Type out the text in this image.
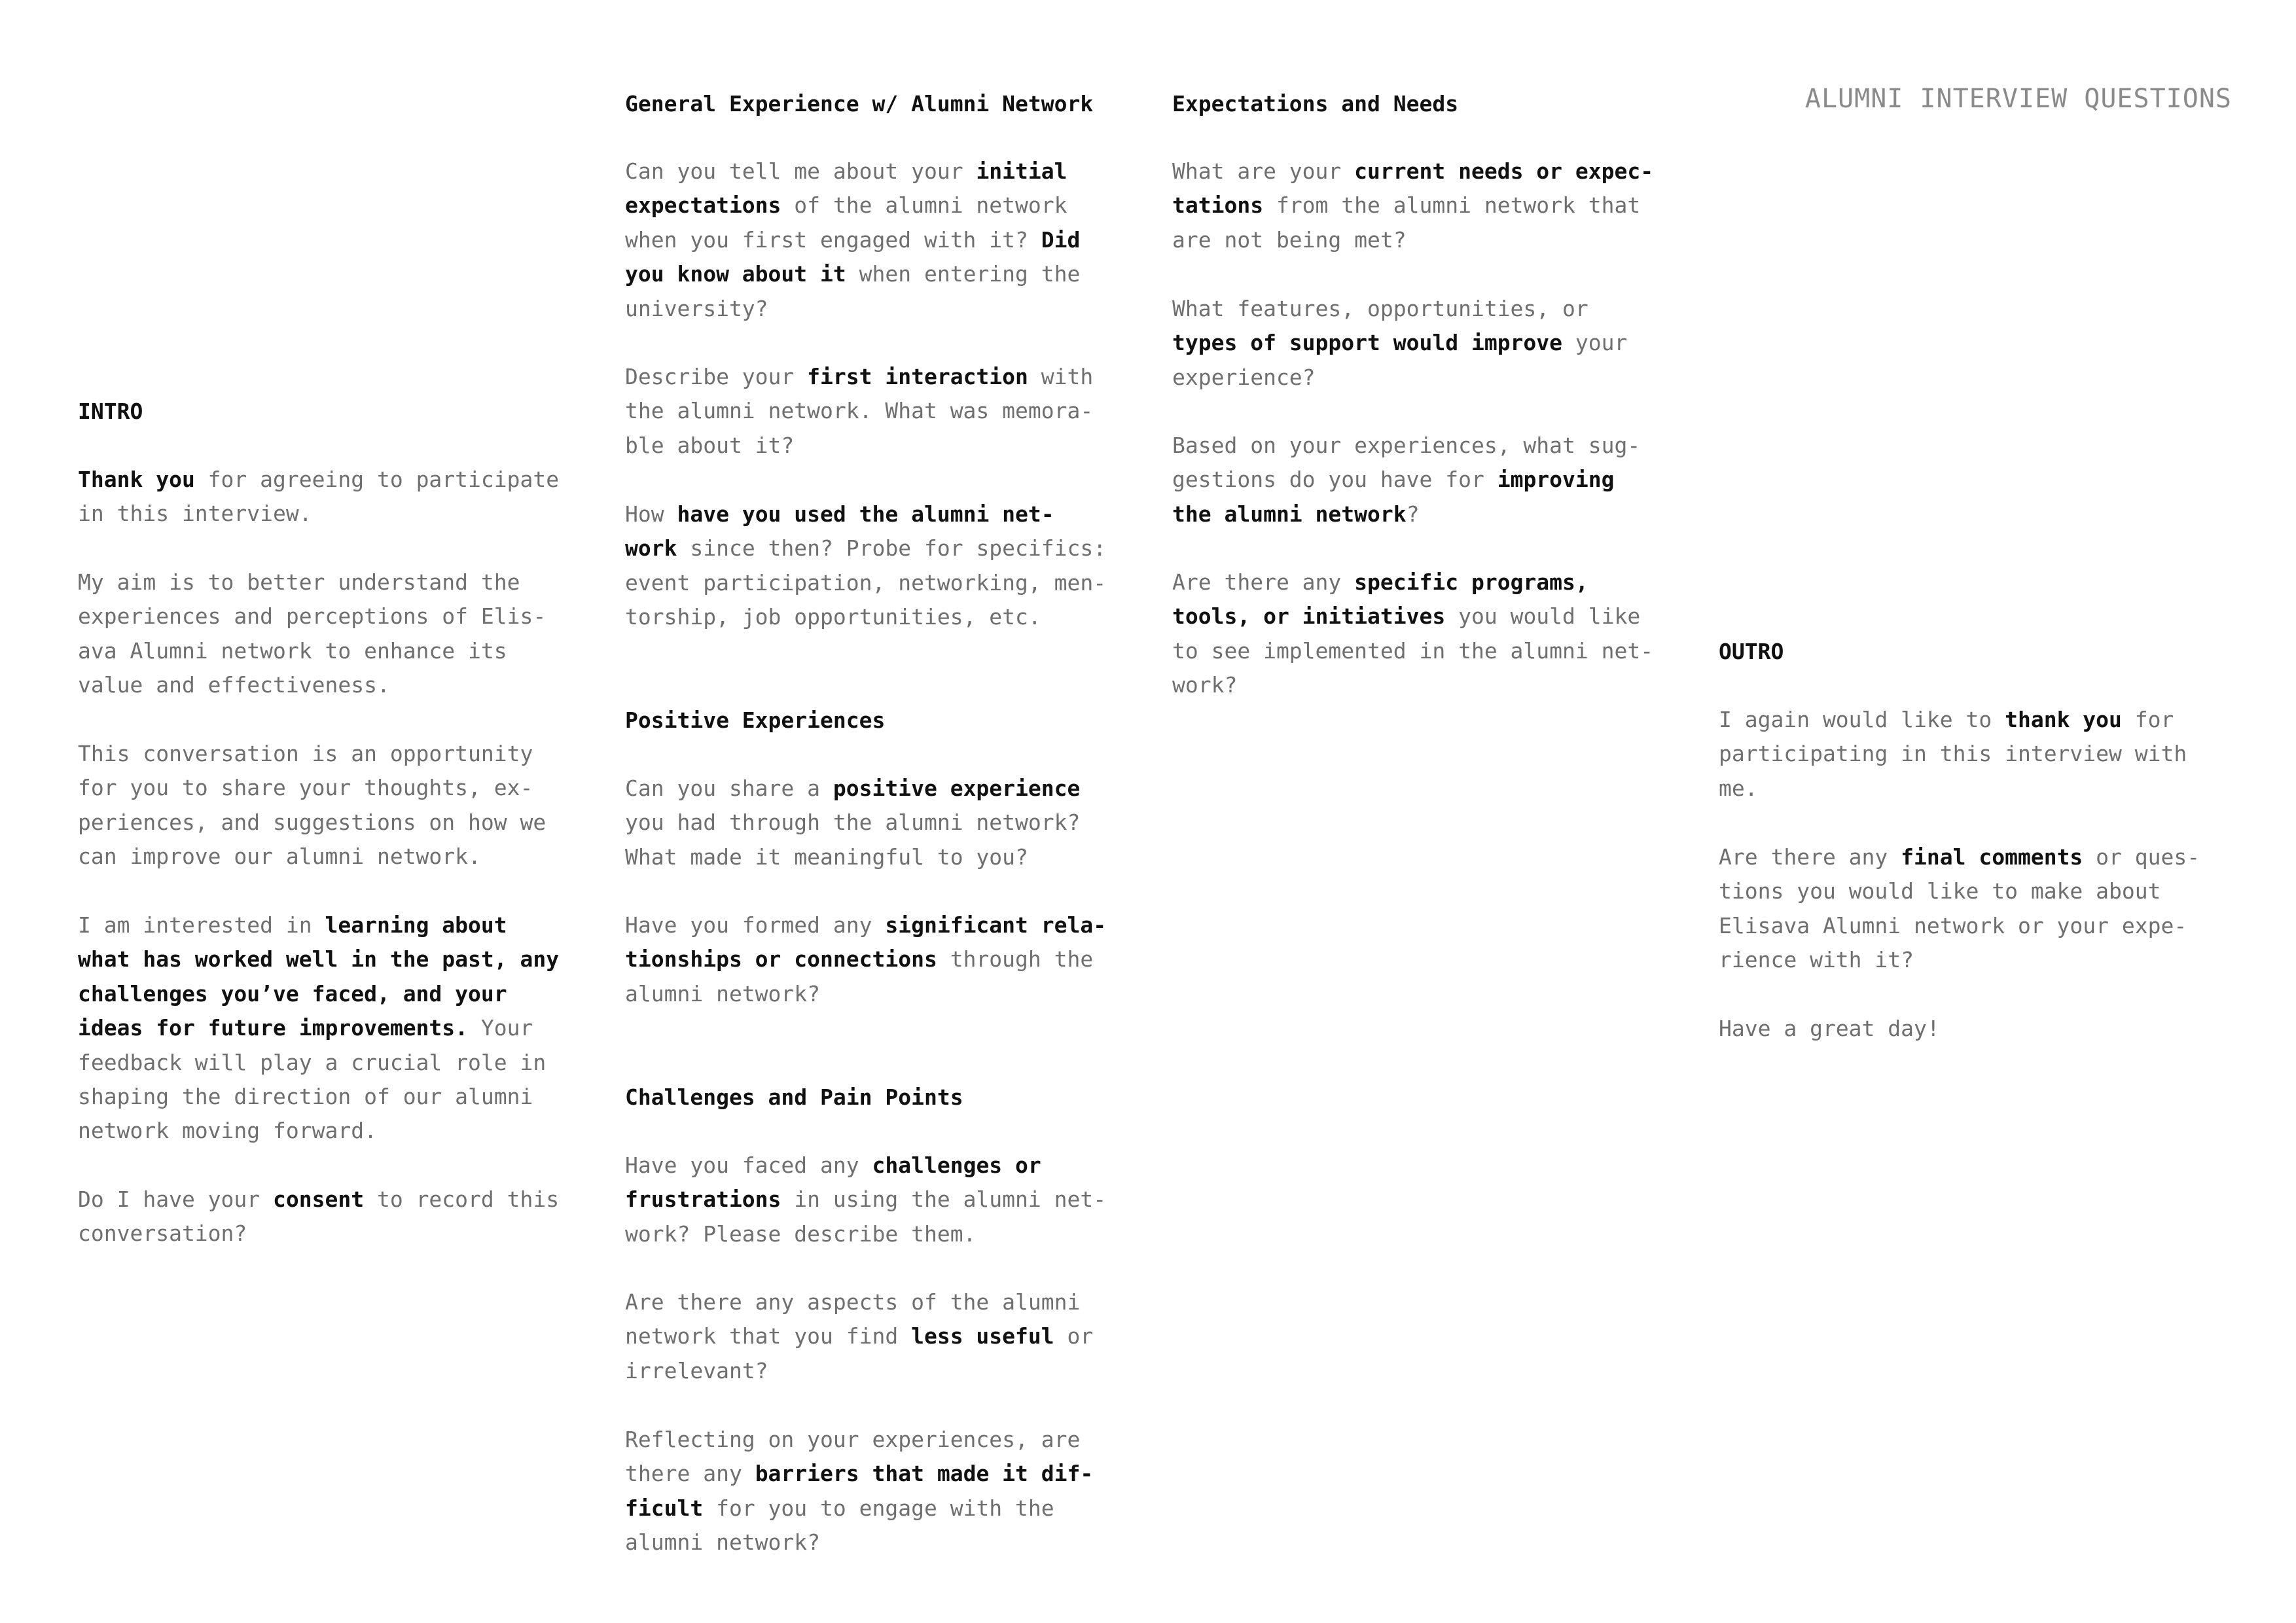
ALUMNI INTERVIEW QUESTIONS
INTRO

Thank you for agreeing to participate
in this interview.

My aim is to better understand the
experiences and perceptions of Elis-
ava Alumni network to enhance its
value and effectiveness.

This conversation is an opportunity
for you to share your thoughts, ex-
periences, and suggestions on how we
can improve our alumni network.

I am interested in learning about
what has worked well in the past, any
challenges you’ve faced, and your
ideas for future improvements. Your
feedback will play a crucial role in
shaping the direction of our alumni
network moving forward.

Do I have your consent to record this
conversation?

General Experience w/ Alumni Network

Can you tell me about your initial
expectations of the alumni network
when you first engaged with it? Did
you know about it when entering the
university?

Describe your first interaction with
the alumni network. What was memora-
ble about it?

How have you used the alumni net-
work since then? Probe for specifics:
event participation, networking, men-
torship, job opportunities, etc.

Positive Experiences

Can you share a positive experience
you had through the alumni network?
What made it meaningful to you?

Have you formed any significant rela-
tionships or connections through the
alumni network?

Challenges and Pain Points

Have you faced any challenges or
frustrations in using the alumni net-
work? Please describe them.

Are there any aspects of the alumni
network that you find less useful or
irrelevant?

Reflecting on your experiences, are
there any barriers that made it dif-
ficult for you to engage with the
alumni network?

Expectations and Needs

What are your current needs or expec-
tations from the alumni network that
are not being met?

What features, opportunities, or
types of support would improve your
experience?

Based on your experiences, what sug-
gestions do you have for improving
the alumni network?

Are there any specific programs,
tools, or initiatives you would like
to see implemented in the alumni net-
work?

OUTRO

I again would like to thank you for
participating in this interview with
me.

Are there any final comments or ques-
tions you would like to make about
Elisava Alumni network or your expe-
rience with it?

Have a great day!
